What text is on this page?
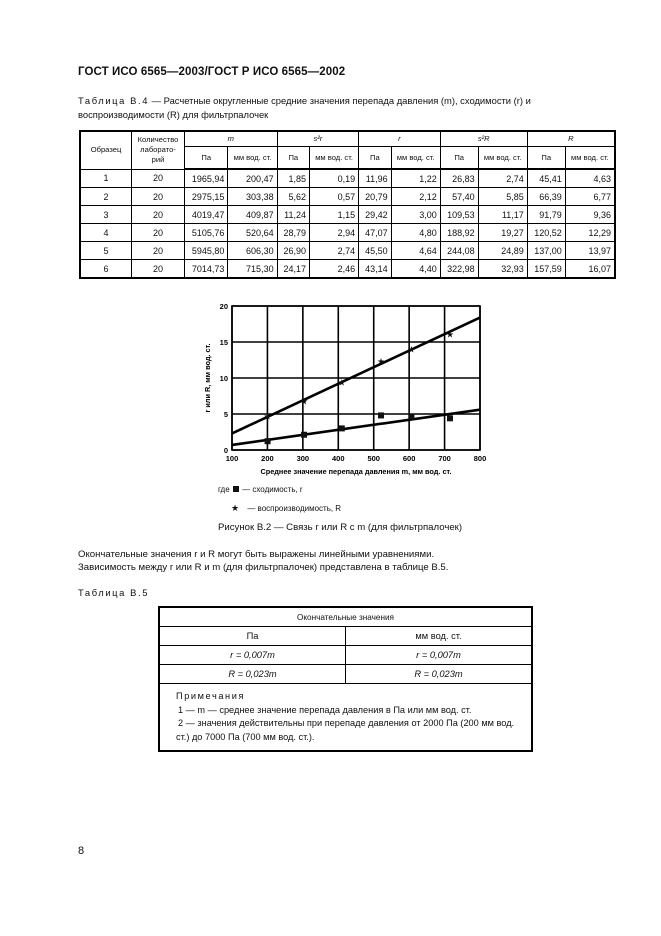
ГОСТ ИСО 6565—2003/ГОСТ Р ИСО 6565—2002
Таблица В.4 — Расчетные округленные средние значения перепада давления (m), сходимости (r) и воспроизводимости (R) для фильтрпалочек
Образец	Количество лаборато-рий	m		s²r		r		s²R		R	
		Па	мм вод. ст.	Па	мм вод. ст.	Па	мм вод. ст.	Па	мм вод. ст.	Па	мм вод. ст.
1	20	1965,94	200,47	1,85	0,19	11,96	1,22	26,83	2,74	45,41	4,63
2	20	2975,15	303,38	5,62	0,57	20,79	2,12	57,40	5,85	66,39	6,77
3	20	4019,47	409,87	11,24	1,15	29,42	3,00	109,53	11,17	91,79	9,36
4	20	5105,76	520,64	28,79	2,94	47,07	4,80	188,92	19,27	120,52	12,29
5	20	5945,80	606,30	26,90	2,74	45,50	4,64	244,08	24,89	137,00	13,97
6	20	7014,73	715,30	24,17	2,46	43,14	4,40	322,98	32,93	157,59	16,07
100	200	300	400	500	600	700	800
0
5
10
15
20
Среднее значение перепада давления m, мм вод. ст.
r или R, мм вод. ст.
★
★
★
★
★
★
где — сходимость, r
★ — воспроизводимость, R
Рисунок В.2 — Связь r или R с m (для фильтрпалочек)
Окончательные значения r и R могут быть выражены линейными уравнениями.
Зависимость между r или R и m (для фильтрпалочек) представлена в таблице В.5.
Таблица В.5
Окончательные значения	
Па	мм вод. ст.
r = 0,007m	r = 0,007m
R = 0,023m	R = 0,023m

Примечания
1 — m — среднее значение перепада давления в Па или мм вод. ст.
2 — значения действительны при перепаде давления от 2000 Па (200 мм вод. ст.) до 7000 Па (700 мм вод. ст.).	
8
